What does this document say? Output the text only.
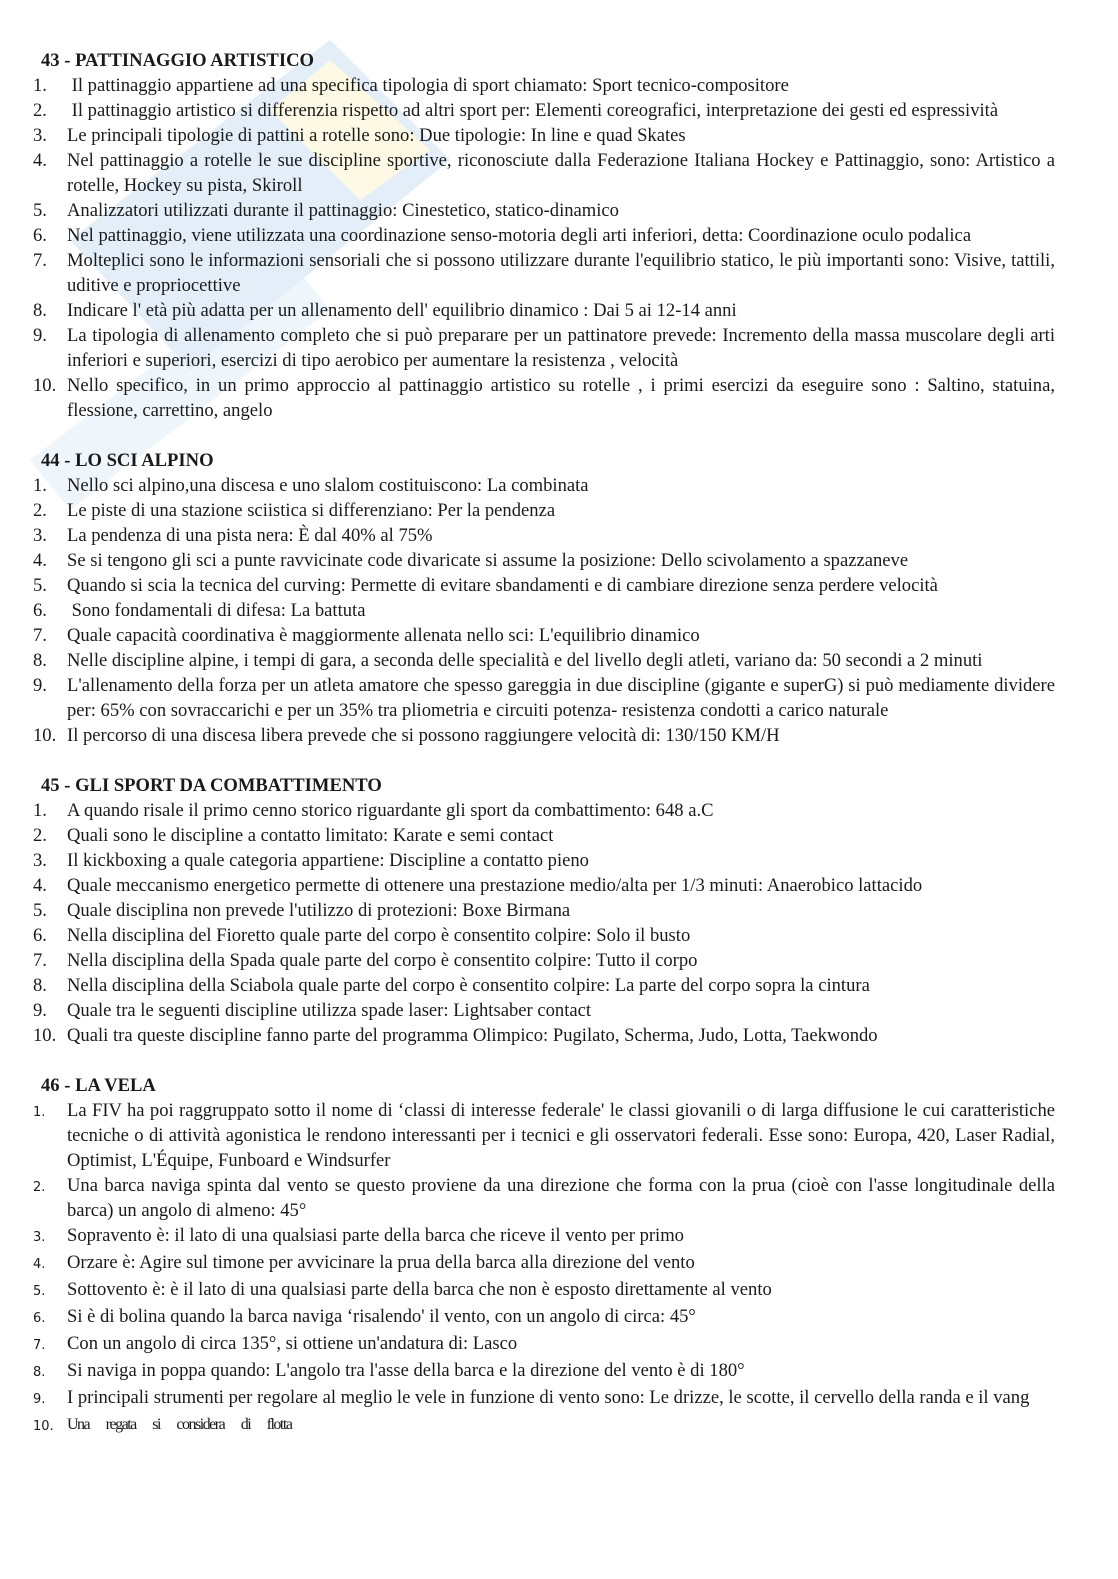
43 - PATTINAGGIO ARTISTICO
1.	Il pattinaggio appartiene ad una specifica tipologia di sport chiamato: Sport tecnico-compositore
2.	Il pattinaggio artistico si differenzia rispetto ad altri sport per: Elementi coreografici, interpretazione dei gesti ed espressività
3.	Le principali tipologie di pattini a rotelle sono: Due tipologie: In line e quad Skates
4.	Nel pattinaggio a rotelle le sue discipline sportive, riconosciute dalla Federazione Italiana Hockey e Pattinaggio, sono: Artistico a rotelle, Hockey su pista, Skiroll
5.	Analizzatori utilizzati durante il pattinaggio: Cinestetico, statico-dinamico
6.	Nel pattinaggio, viene utilizzata una coordinazione senso-motoria degli arti inferiori, detta: Coordinazione oculo podalica
7.	Molteplici sono le informazioni sensoriali che si possono utilizzare durante l'equilibrio statico, le più importanti sono: Visive, tattili, uditive e propriocettive
8.	Indicare l' età più adatta per un allenamento dell' equilibrio dinamico : Dai 5 ai 12-14 anni
9.	La tipologia di allenamento completo che si può preparare per un pattinatore prevede: Incremento della massa muscolare degli arti inferiori e superiori, esercizi di tipo aerobico per aumentare la resistenza , velocità
10. Nello specifico, in un primo approccio al pattinaggio artistico su rotelle , i primi esercizi da eseguire sono : Saltino, statuina, flessione, carrettino, angelo
44 - LO SCI ALPINO
1.	Nello sci alpino,una discesa e uno slalom costituiscono: La combinata
2.	Le piste di una stazione sciistica si differenziano: Per la pendenza
3.	La pendenza di una pista nera: È dal 40% al 75%
4.	Se si tengono gli sci a punte ravvicinate code divaricate si assume la posizione: Dello scivolamento a spazzaneve
5.	Quando si scia la tecnica del curving: Permette di evitare sbandamenti e di cambiare direzione senza perdere velocità
6.	Sono fondamentali di difesa: La battuta
7.	Quale capacità coordinativa è maggiormente allenata nello sci: L'equilibrio dinamico
8.	Nelle discipline alpine, i tempi di gara, a seconda delle specialità e del livello degli atleti, variano da: 50 secondi a 2 minuti
9.	L'allenamento della forza per un atleta amatore che spesso gareggia in due discipline (gigante e superG) si può mediamente dividere per: 65% con sovraccarichi e per un 35% tra pliometria e circuiti potenza- resistenza condotti a carico naturale
10. Il percorso di una discesa libera prevede che si possono raggiungere velocità di: 130/150 KM/H
45 - GLI SPORT DA COMBATTIMENTO
1.	A quando risale il primo cenno storico riguardante gli sport da combattimento: 648 a.C
2.	Quali sono le discipline a contatto limitato: Karate e semi contact
3.	Il kickboxing a quale categoria appartiene: Discipline a contatto pieno
4.	Quale meccanismo energetico permette di ottenere una prestazione medio/alta per 1/3 minuti: Anaerobico lattacido
5.	Quale disciplina non prevede l'utilizzo di protezioni: Boxe Birmana
6.	Nella disciplina del Fioretto quale parte del corpo è consentito colpire: Solo il busto
7.	Nella disciplina della Spada quale parte del corpo è consentito colpire: Tutto il corpo
8.	Nella disciplina della Sciabola quale parte del corpo è consentito colpire: La parte del corpo sopra la cintura
9.	Quale tra le seguenti discipline utilizza spade laser: Lightsaber contact
10. Quali tra queste discipline fanno parte del programma Olimpico: Pugilato, Scherma, Judo, Lotta, Taekwondo
46 - LA VELA
1.	La FIV ha poi raggruppato sotto il nome di ‘classi di interesse federale' le classi giovanili o di larga diffusione le cui caratteristiche tecniche o di attività agonistica le rendono interessanti per i tecnici e gli osservatori federali. Esse sono: Europa, 420, Laser Radial, Optimist, L'Équipe, Funboard e Windsurfer
2.	Una barca naviga spinta dal vento se questo proviene da una direzione che forma con la prua (cioè con l'asse longitudinale della barca) un angolo di almeno: 45°
3.	Sopravento è: il lato di una qualsiasi parte della barca che riceve il vento per primo
4.	Orzare è: Agire sul timone per avvicinare la prua della barca alla direzione del vento
5.	Sottovento è: è il lato di una qualsiasi parte della barca che non è esposto direttamente al vento
6.	Si è di bolina quando la barca naviga ‘risalendo' il vento, con un angolo di circa: 45°
7.	Con un angolo di circa 135°, si ottiene un'andatura di: Lasco
8.	Si naviga in poppa quando: L'angolo tra l'asse della barca e la direzione del vento è di 180°
9.	I principali strumenti per regolare al meglio le vele in funzione di vento sono: Le drizze, le scotte, il cervello della randa e il vang
10. Una regata si considera di flotta
